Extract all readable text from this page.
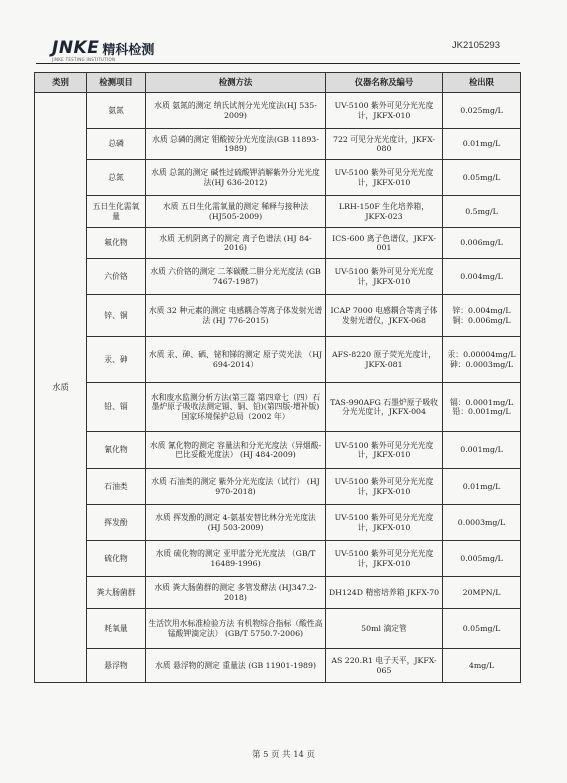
JNKE 精科检测
JINKE TESTING INSTITUTION
JK2105293
类别	检测项目	检测方法	仪器名称及编号	检出限
水质	氨氮	水质 氨氮的测定 纳氏试剂分光光度法(HJ 535-2009)	UV-5100 紫外可见分光光度计，JKFX-010	0.025mg/L
	总磷	水质 总磷的测定 钼酸铵分光光度法(GB 11893-1989)	722 可见分光光度计，JKFX-080	0.01mg/L
	总氮	水质 总氮的测定 碱性过硫酸钾消解紫外分光光度法(HJ 636-2012)	UV-5100 紫外可见分光光度计，JKFX-010	0.05mg/L
	五日生化需氧量	水质 五日生化需氧量的测定 稀释与接种法 (HJ505-2009)	LRH-150F 生化培养箱，JKFX-023	0.5mg/L
	氟化物	水质 无机阴离子的测定 离子色谱法 (HJ 84-2016)	ICS-600 离子色谱仪，JKFX-001	0.006mg/L
	六价铬	水质 六价铬的测定 二苯碳酰二肼分光光度法 (GB 7467-1987)	UV-5100 紫外可见分光光度计，JKFX-010	0.004mg/L
	锌、铜	水质 32 种元素的测定 电感耦合等离子体发射光谱法 (HJ 776-2015)	ICAP 7000 电感耦合等离子体发射光谱仪，JKFX-068	锌：0.004mg/L 铜：0.006mg/L
	汞、砷	水质 汞、砷、硒、铋和锑的测定 原子荧光法 （HJ 694-2014）	AFS-8220 原子荧光光度计，JKFX-081	汞：0.00004mg/L 砷：0.0003mg/L
	铅、镉	水和废水监测分析方法(第三篇 第四章七（四）石墨炉原子吸收法测定镉、铜、铅)(第四版-增补版) 国家环境保护总局（2002 年）	TAS-990AFG 石墨炉原子吸收分光光度计，JKFX-004	镉：0.0001mg/L 铅：0.001mg/L
	氰化物	水质 氰化物的测定 容量法和分光光度法（异烟酸-巴比妥酸光度法） (HJ 484-2009)	UV-5100 紫外可见分光光度计，JKFX-010	0.001mg/L
	石油类	水质 石油类的测定 紫外分光光度法（试行） (HJ 970-2018)	UV-5100 紫外可见分光光度计，JKFX-010	0.01mg/L
	挥发酚	水质 挥发酚的测定 4-氨基安替比林分光光度法 (HJ 503-2009)	UV-5100 紫外可见分光光度计，JKFX-010	0.0003mg/L
	硫化物	水质 硫化物的测定 亚甲蓝分光光度法 （GB/T 16489-1996)	UV-5100 紫外可见分光光度计，JKFX-010	0.005mg/L
	粪大肠菌群	水质 粪大肠菌群的测定 多管发酵法 (HJ347.2-2018)	DH124D 精密培养箱 JKFX-70	20MPN/L
	耗氧量	生活饮用水标准检验方法 有机物综合指标（酸性高锰酸钾滴定法） (GB/T 5750.7-2006)	50ml 滴定管	0.05mg/L
	悬浮物	水质 悬浮物的测定 重量法 (GB 11901-1989)	AS 220.R1 电子天平，JKFX-065	4mg/L
第 5 页 共 14 页
